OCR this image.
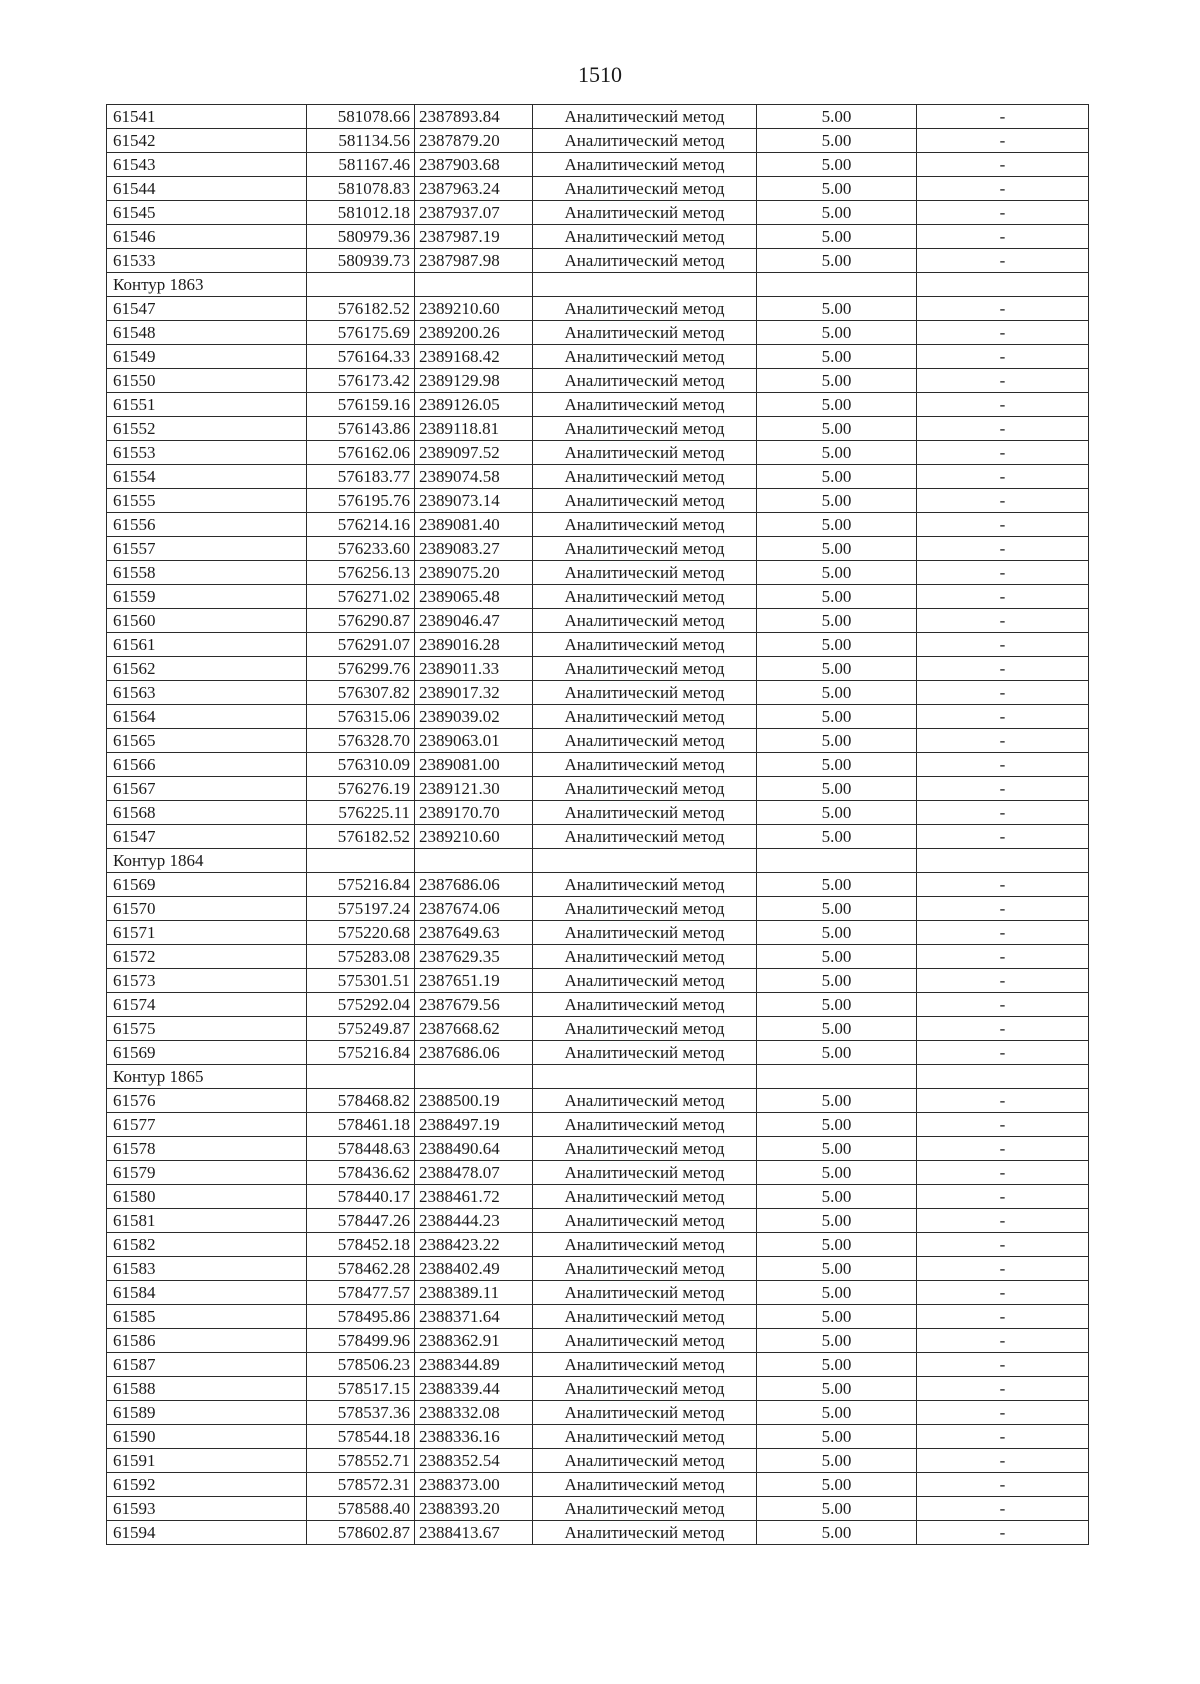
1510
61541	581078.66	2387893.84	Аналитический метод	5.00	-
61542	581134.56	2387879.20	Аналитический метод	5.00	-
61543	581167.46	2387903.68	Аналитический метод	5.00	-
61544	581078.83	2387963.24	Аналитический метод	5.00	-
61545	581012.18	2387937.07	Аналитический метод	5.00	-
61546	580979.36	2387987.19	Аналитический метод	5.00	-
61533	580939.73	2387987.98	Аналитический метод	5.00	-
Контур 1863					
61547	576182.52	2389210.60	Аналитический метод	5.00	-
61548	576175.69	2389200.26	Аналитический метод	5.00	-
61549	576164.33	2389168.42	Аналитический метод	5.00	-
61550	576173.42	2389129.98	Аналитический метод	5.00	-
61551	576159.16	2389126.05	Аналитический метод	5.00	-
61552	576143.86	2389118.81	Аналитический метод	5.00	-
61553	576162.06	2389097.52	Аналитический метод	5.00	-
61554	576183.77	2389074.58	Аналитический метод	5.00	-
61555	576195.76	2389073.14	Аналитический метод	5.00	-
61556	576214.16	2389081.40	Аналитический метод	5.00	-
61557	576233.60	2389083.27	Аналитический метод	5.00	-
61558	576256.13	2389075.20	Аналитический метод	5.00	-
61559	576271.02	2389065.48	Аналитический метод	5.00	-
61560	576290.87	2389046.47	Аналитический метод	5.00	-
61561	576291.07	2389016.28	Аналитический метод	5.00	-
61562	576299.76	2389011.33	Аналитический метод	5.00	-
61563	576307.82	2389017.32	Аналитический метод	5.00	-
61564	576315.06	2389039.02	Аналитический метод	5.00	-
61565	576328.70	2389063.01	Аналитический метод	5.00	-
61566	576310.09	2389081.00	Аналитический метод	5.00	-
61567	576276.19	2389121.30	Аналитический метод	5.00	-
61568	576225.11	2389170.70	Аналитический метод	5.00	-
61547	576182.52	2389210.60	Аналитический метод	5.00	-
Контур 1864					
61569	575216.84	2387686.06	Аналитический метод	5.00	-
61570	575197.24	2387674.06	Аналитический метод	5.00	-
61571	575220.68	2387649.63	Аналитический метод	5.00	-
61572	575283.08	2387629.35	Аналитический метод	5.00	-
61573	575301.51	2387651.19	Аналитический метод	5.00	-
61574	575292.04	2387679.56	Аналитический метод	5.00	-
61575	575249.87	2387668.62	Аналитический метод	5.00	-
61569	575216.84	2387686.06	Аналитический метод	5.00	-
Контур 1865					
61576	578468.82	2388500.19	Аналитический метод	5.00	-
61577	578461.18	2388497.19	Аналитический метод	5.00	-
61578	578448.63	2388490.64	Аналитический метод	5.00	-
61579	578436.62	2388478.07	Аналитический метод	5.00	-
61580	578440.17	2388461.72	Аналитический метод	5.00	-
61581	578447.26	2388444.23	Аналитический метод	5.00	-
61582	578452.18	2388423.22	Аналитический метод	5.00	-
61583	578462.28	2388402.49	Аналитический метод	5.00	-
61584	578477.57	2388389.11	Аналитический метод	5.00	-
61585	578495.86	2388371.64	Аналитический метод	5.00	-
61586	578499.96	2388362.91	Аналитический метод	5.00	-
61587	578506.23	2388344.89	Аналитический метод	5.00	-
61588	578517.15	2388339.44	Аналитический метод	5.00	-
61589	578537.36	2388332.08	Аналитический метод	5.00	-
61590	578544.18	2388336.16	Аналитический метод	5.00	-
61591	578552.71	2388352.54	Аналитический метод	5.00	-
61592	578572.31	2388373.00	Аналитический метод	5.00	-
61593	578588.40	2388393.20	Аналитический метод	5.00	-
61594	578602.87	2388413.67	Аналитический метод	5.00	-
